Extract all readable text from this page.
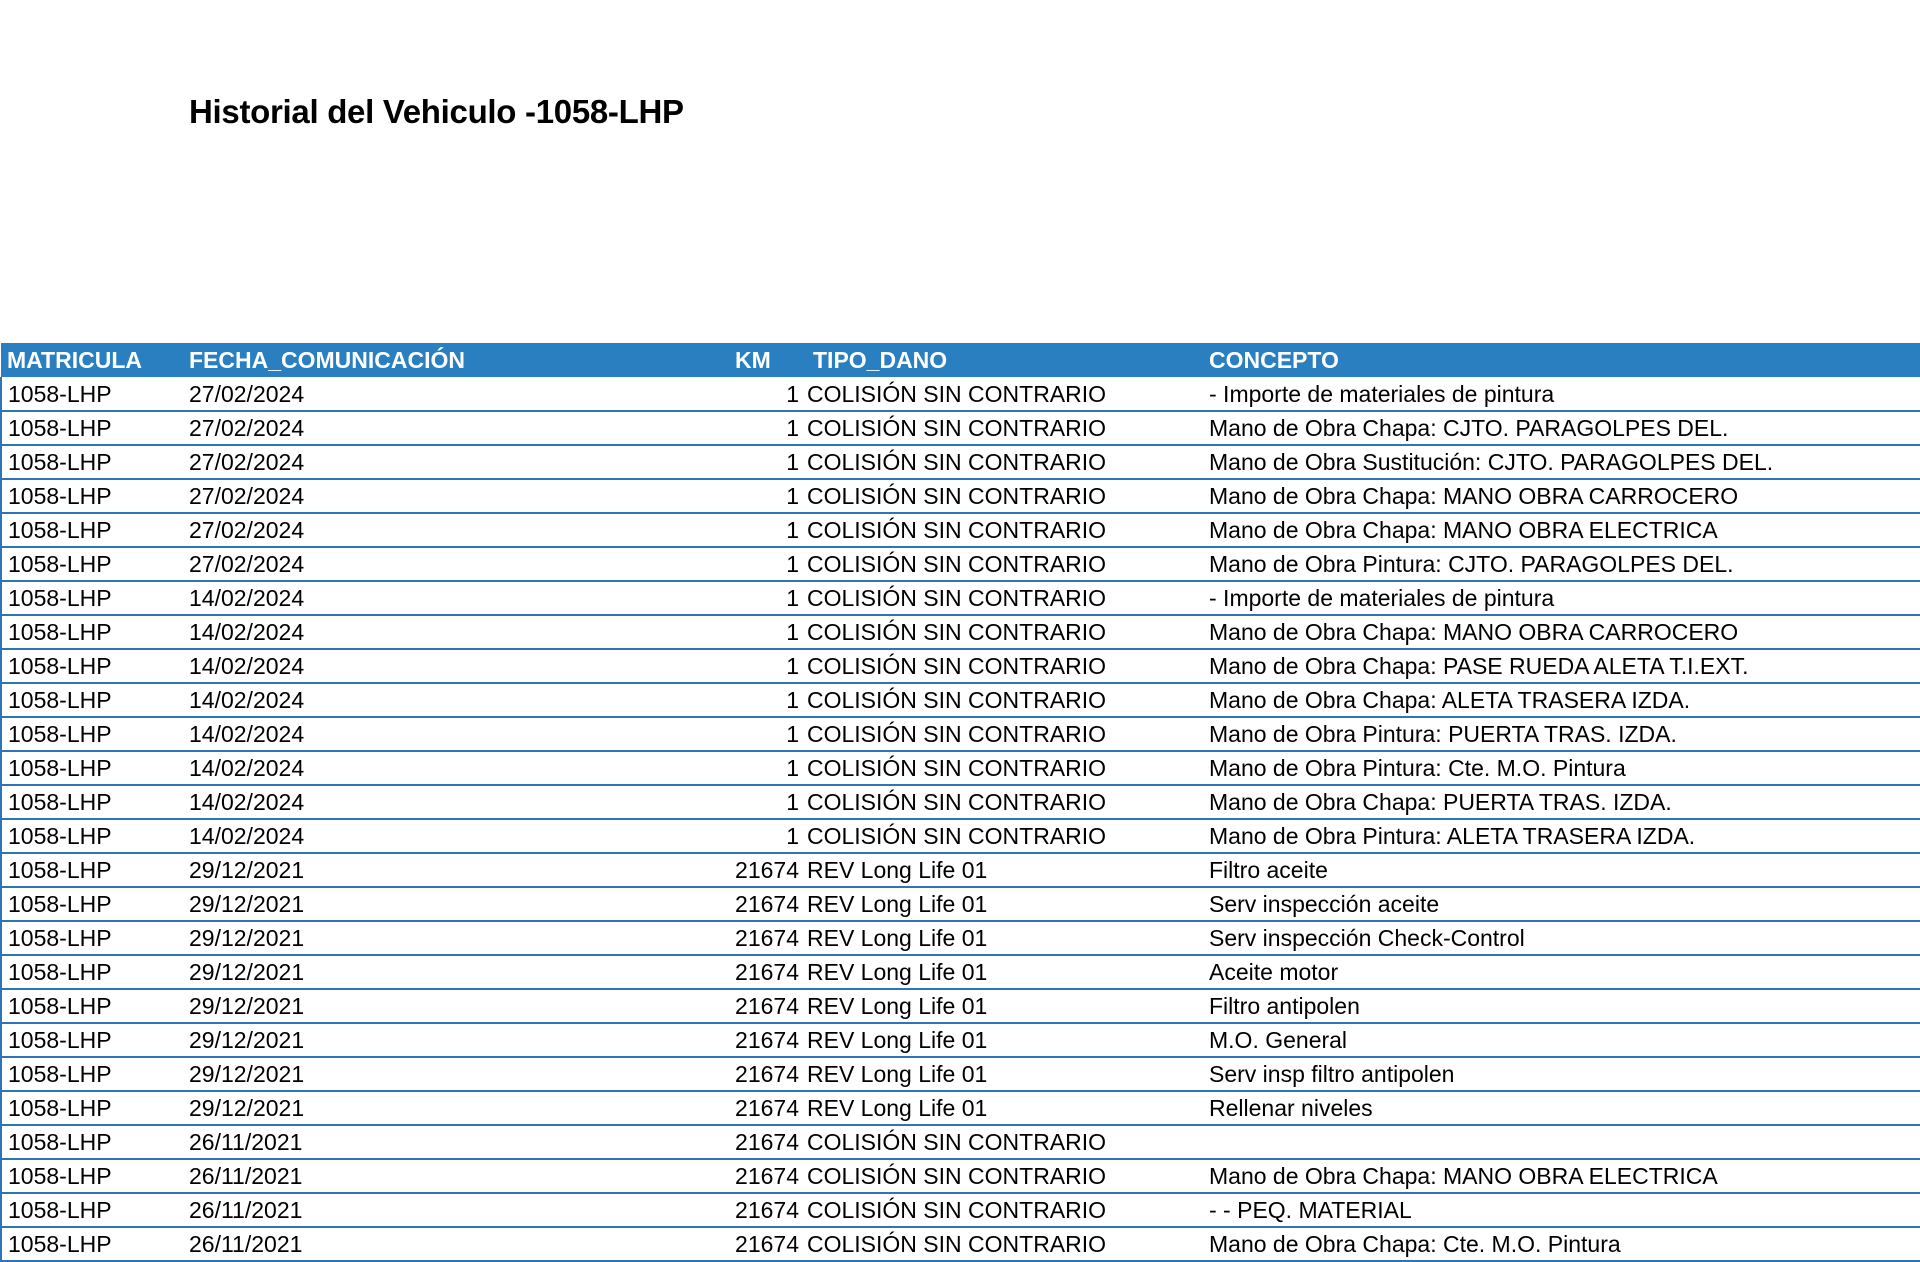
Historial del Vehiculo -1058-LHP
MATRICULA	FECHA_COMUNICACIÓN	KM	TIPO_DANO	CONCEPTO
1058-LHP	27/02/2024	1	COLISIÓN SIN CONTRARIO	- Importe de materiales de pintura
1058-LHP	27/02/2024	1	COLISIÓN SIN CONTRARIO	Mano de Obra Chapa: CJTO. PARAGOLPES DEL.
1058-LHP	27/02/2024	1	COLISIÓN SIN CONTRARIO	Mano de Obra Sustitución: CJTO. PARAGOLPES DEL.
1058-LHP	27/02/2024	1	COLISIÓN SIN CONTRARIO	Mano de Obra Chapa: MANO OBRA CARROCERO
1058-LHP	27/02/2024	1	COLISIÓN SIN CONTRARIO	Mano de Obra Chapa: MANO OBRA ELECTRICA
1058-LHP	27/02/2024	1	COLISIÓN SIN CONTRARIO	Mano de Obra Pintura: CJTO. PARAGOLPES DEL.
1058-LHP	14/02/2024	1	COLISIÓN SIN CONTRARIO	- Importe de materiales de pintura
1058-LHP	14/02/2024	1	COLISIÓN SIN CONTRARIO	Mano de Obra Chapa: MANO OBRA CARROCERO
1058-LHP	14/02/2024	1	COLISIÓN SIN CONTRARIO	Mano de Obra Chapa: PASE RUEDA ALETA T.I.EXT.
1058-LHP	14/02/2024	1	COLISIÓN SIN CONTRARIO	Mano de Obra Chapa: ALETA TRASERA IZDA.
1058-LHP	14/02/2024	1	COLISIÓN SIN CONTRARIO	Mano de Obra Pintura: PUERTA TRAS. IZDA.
1058-LHP	14/02/2024	1	COLISIÓN SIN CONTRARIO	Mano de Obra Pintura: Cte. M.O. Pintura
1058-LHP	14/02/2024	1	COLISIÓN SIN CONTRARIO	Mano de Obra Chapa: PUERTA TRAS. IZDA.
1058-LHP	14/02/2024	1	COLISIÓN SIN CONTRARIO	Mano de Obra Pintura: ALETA TRASERA IZDA.
1058-LHP	29/12/2021	21674	REV Long Life 01	Filtro aceite
1058-LHP	29/12/2021	21674	REV Long Life 01	Serv inspección aceite
1058-LHP	29/12/2021	21674	REV Long Life 01	Serv inspección Check-Control
1058-LHP	29/12/2021	21674	REV Long Life 01	Aceite motor
1058-LHP	29/12/2021	21674	REV Long Life 01	Filtro antipolen
1058-LHP	29/12/2021	21674	REV Long Life 01	M.O. General
1058-LHP	29/12/2021	21674	REV Long Life 01	Serv insp filtro antipolen
1058-LHP	29/12/2021	21674	REV Long Life 01	Rellenar niveles
1058-LHP	26/11/2021	21674	COLISIÓN SIN CONTRARIO	
1058-LHP	26/11/2021	21674	COLISIÓN SIN CONTRARIO	Mano de Obra Chapa: MANO OBRA ELECTRICA
1058-LHP	26/11/2021	21674	COLISIÓN SIN CONTRARIO	- - PEQ. MATERIAL
1058-LHP	26/11/2021	21674	COLISIÓN SIN CONTRARIO	Mano de Obra Chapa: Cte. M.O. Pintura
